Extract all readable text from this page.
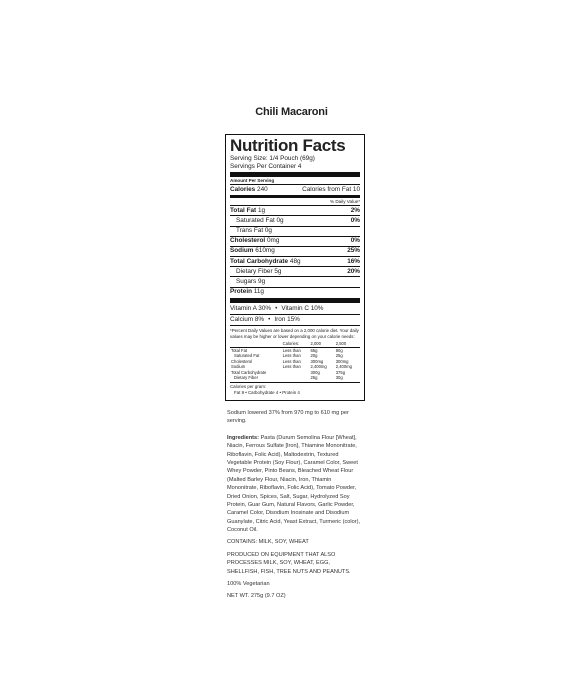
Chili Macaroni
Nutrition Facts
Serving Size: 1/4 Pouch (69g)
Servings Per Container 4
Amount Per Serving
Calories 240	Calories from Fat 10
% Daily Value*
Total Fat 1g	2%
Saturated Fat 0g	0%
Trans Fat 0g
Cholesterol 0mg	0%
Sodium 610mg	25%
Total Carbohydrate 48g	16%
Dietary Fiber 5g	20%
Sugars 9g
Protein 11g
Vitamin A 30% • Vitamin C 10%
Calcium 8% • Iron 15%
*Percent Daily Values are based on a 2,000 calorie diet. Your daily values may be higher or lower depending on your calorie needs:
	Calories:	2,000	2,500
Total Fat	Less than	65g	80g
Saturated Fat	Less than	20g	25g
Cholesterol	Less than	300mg	300mg
Sodium	Less than	2,400mg	2,400mg
Total Carbohydrate		300g	375g
Dietary Fiber		25g	30g
Calories per gram:
Fat 9 • Carbohydrate 4 • Protein 4

Sodium lowered 37% from 970 mg to 610 mg per serving.

Ingredients: Pasta (Durum Semolina Flour [Wheat], Niacin, Ferrous Sulfate [Iron], Thiamine Mononitrate, Riboflavin, Folic Acid), Maltodextrin, Textured Vegetable Protein (Soy Flour), Caramel Color, Sweet Whey Powder, Pinto Beans, Bleached Wheat Flour (Malted Barley Flour, Niacin, Iron, Thiamin Mononitrate, Riboflavin, Folic Acid), Tomato Powder, Dried Onion, Spices, Salt, Sugar, Hydrolyzed Soy Protein, Guar Gum, Natural Flavors, Garlic Powder, Caramel Color, Disodium Inosinate and Disodium Guanylate, Citric Acid, Yeast Extract, Turmeric (color), Coconut Oil.

CONTAINS: MILK, SOY, WHEAT

PRODUCED ON EQUIPMENT THAT ALSO PROCESSES MILK, SOY, WHEAT, EGG, SHELLFISH, FISH, TREE NUTS AND PEANUTS.

100% Vegetarian

NET WT. 275g (9.7 OZ)
